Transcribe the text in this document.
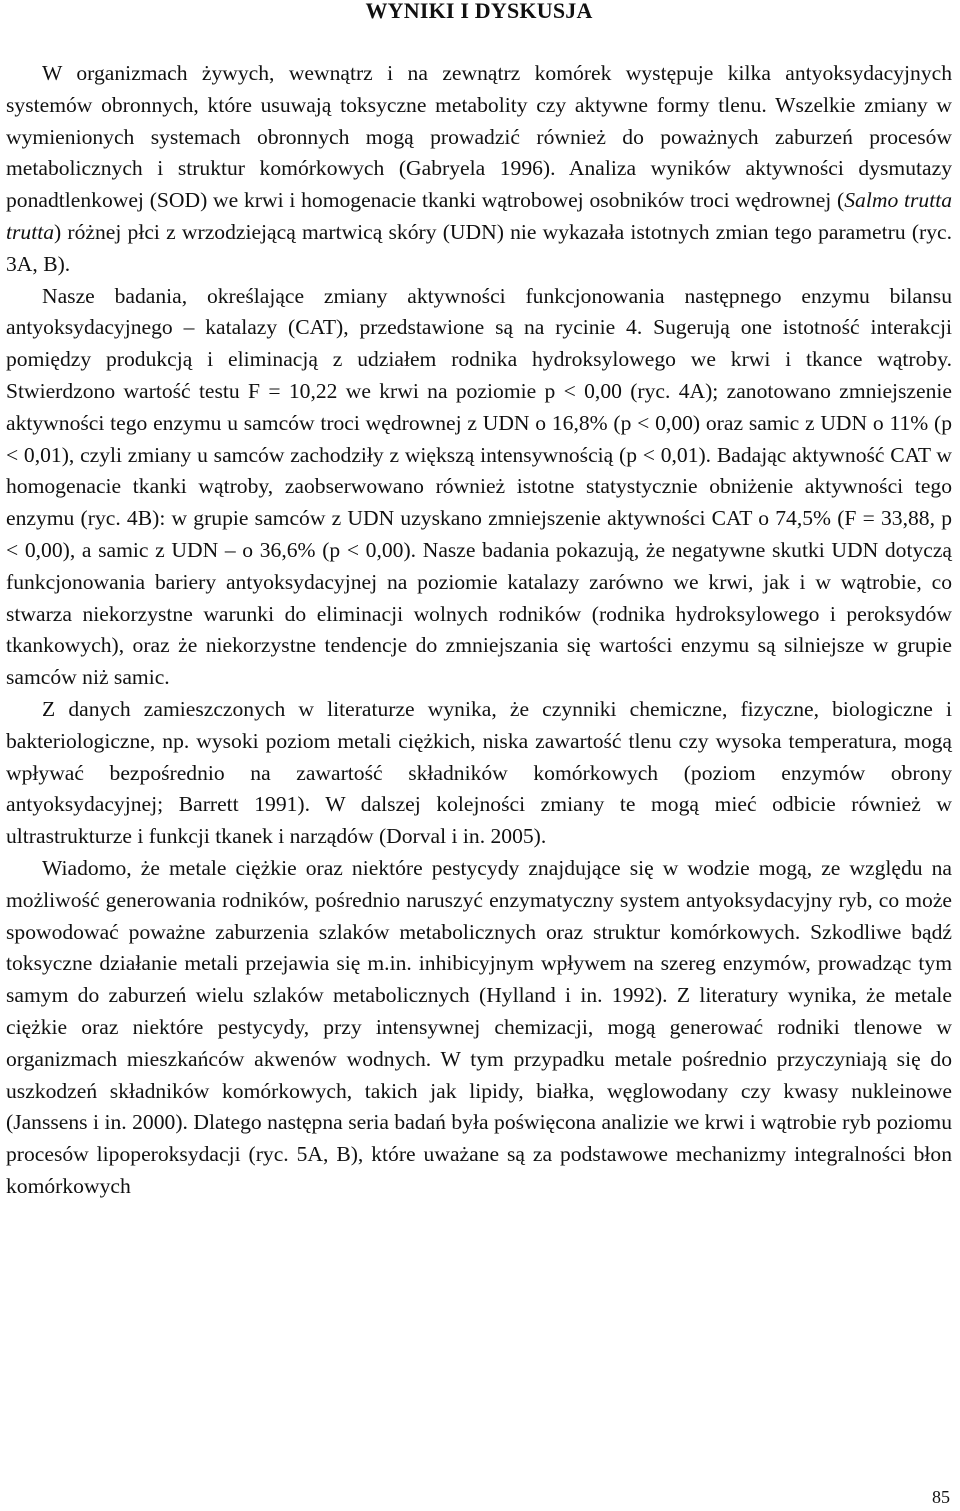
WYNIKI I DYSKUSJA

W organizmach żywych, wewnątrz i na zewnątrz komórek występuje kilka antyoksydacyjnych systemów obronnych, które usuwają toksyczne metabolity czy aktywne formy tlenu. Wszelkie zmiany w wymienionych systemach obronnych mogą prowadzić również do poważnych zaburzeń procesów metabolicznych i struktur komórkowych (Gabryela 1996). Analiza wyników aktywności dysmutazy ponadtlenkowej (SOD) we krwi i homogenacie tkanki wątrobowej osobników troci wędrownej (Salmo trutta trutta) różnej płci z wrzodziejącą martwicą skóry (UDN) nie wykazała istotnych zmian tego parametru (ryc. 3A, B).

Nasze badania, określające zmiany aktywności funkcjonowania następnego enzymu bilansu antyoksydacyjnego – katalazy (CAT), przedstawione są na rycinie 4. Sugerują one istotność interakcji pomiędzy produkcją i eliminacją z udziałem rodnika hydroksylowego we krwi i tkance wątroby. Stwierdzono wartość testu F = 10,22 we krwi na poziomie p < 0,00 (ryc. 4A); zanotowano zmniejszenie aktywności tego enzymu u samców troci wędrownej z UDN o 16,8% (p < 0,00) oraz samic z UDN o 11% (p < 0,01), czyli zmiany u samców zachodziły z większą intensywnością (p < 0,01). Badając aktywność CAT w homogenacie tkanki wątroby, zaobserwowano również istotne statystycznie obniżenie aktywności tego enzymu (ryc. 4B): w grupie samców z UDN uzyskano zmniejszenie aktywności CAT o 74,5% (F = 33,88, p < 0,00), a samic z UDN – o 36,6% (p < 0,00). Nasze badania pokazują, że negatywne skutki UDN dotyczą funkcjonowania bariery antyoksydacyjnej na poziomie katalazy zarówno we krwi, jak i w wątrobie, co stwarza niekorzystne warunki do eliminacji wolnych rodników (rodnika hydroksylowego i peroksydów tkankowych), oraz że niekorzystne tendencje do zmniejszania się wartości enzymu są silniejsze w grupie samców niż samic.

Z danych zamieszczonych w literaturze wynika, że czynniki chemiczne, fizyczne, biologiczne i bakteriologiczne, np. wysoki poziom metali ciężkich, niska zawartość tlenu czy wysoka temperatura, mogą wpływać bezpośrednio na zawartość składników komórkowych (poziom enzymów obrony antyoksydacyjnej; Barrett 1991). W dalszej kolejności zmiany te mogą mieć odbicie również w ultrastrukturze i funkcji tkanek i narządów (Dorval i in. 2005).

Wiadomo, że metale ciężkie oraz niektóre pestycydy znajdujące się w wodzie mogą, ze względu na możliwość generowania rodników, pośrednio naruszyć enzymatyczny system antyoksydacyjny ryb, co może spowodować poważne zaburzenia szlaków metabolicznych oraz struktur komórkowych. Szkodliwe bądź toksyczne działanie metali przejawia się m.in. inhibicyjnym wpływem na szereg enzymów, prowadząc tym samym do zaburzeń wielu szlaków metabolicznych (Hylland i in. 1992). Z literatury wynika, że metale ciężkie oraz niektóre pestycydy, przy intensywnej chemizacji, mogą generować rodniki tlenowe w organizmach mieszkańców akwenów wodnych. W tym przypadku metale pośrednio przyczyniają się do uszkodzeń składników komórkowych, takich jak lipidy, białka, węglowodany czy kwasy nukleinowe (Janssens i in. 2000). Dlatego następna seria badań była poświęcona analizie we krwi i wątrobie ryb poziomu procesów lipoperoksydacji (ryc. 5A, B), które uważane są za podstawowe mechanizmy integralności błon komórkowych

85
